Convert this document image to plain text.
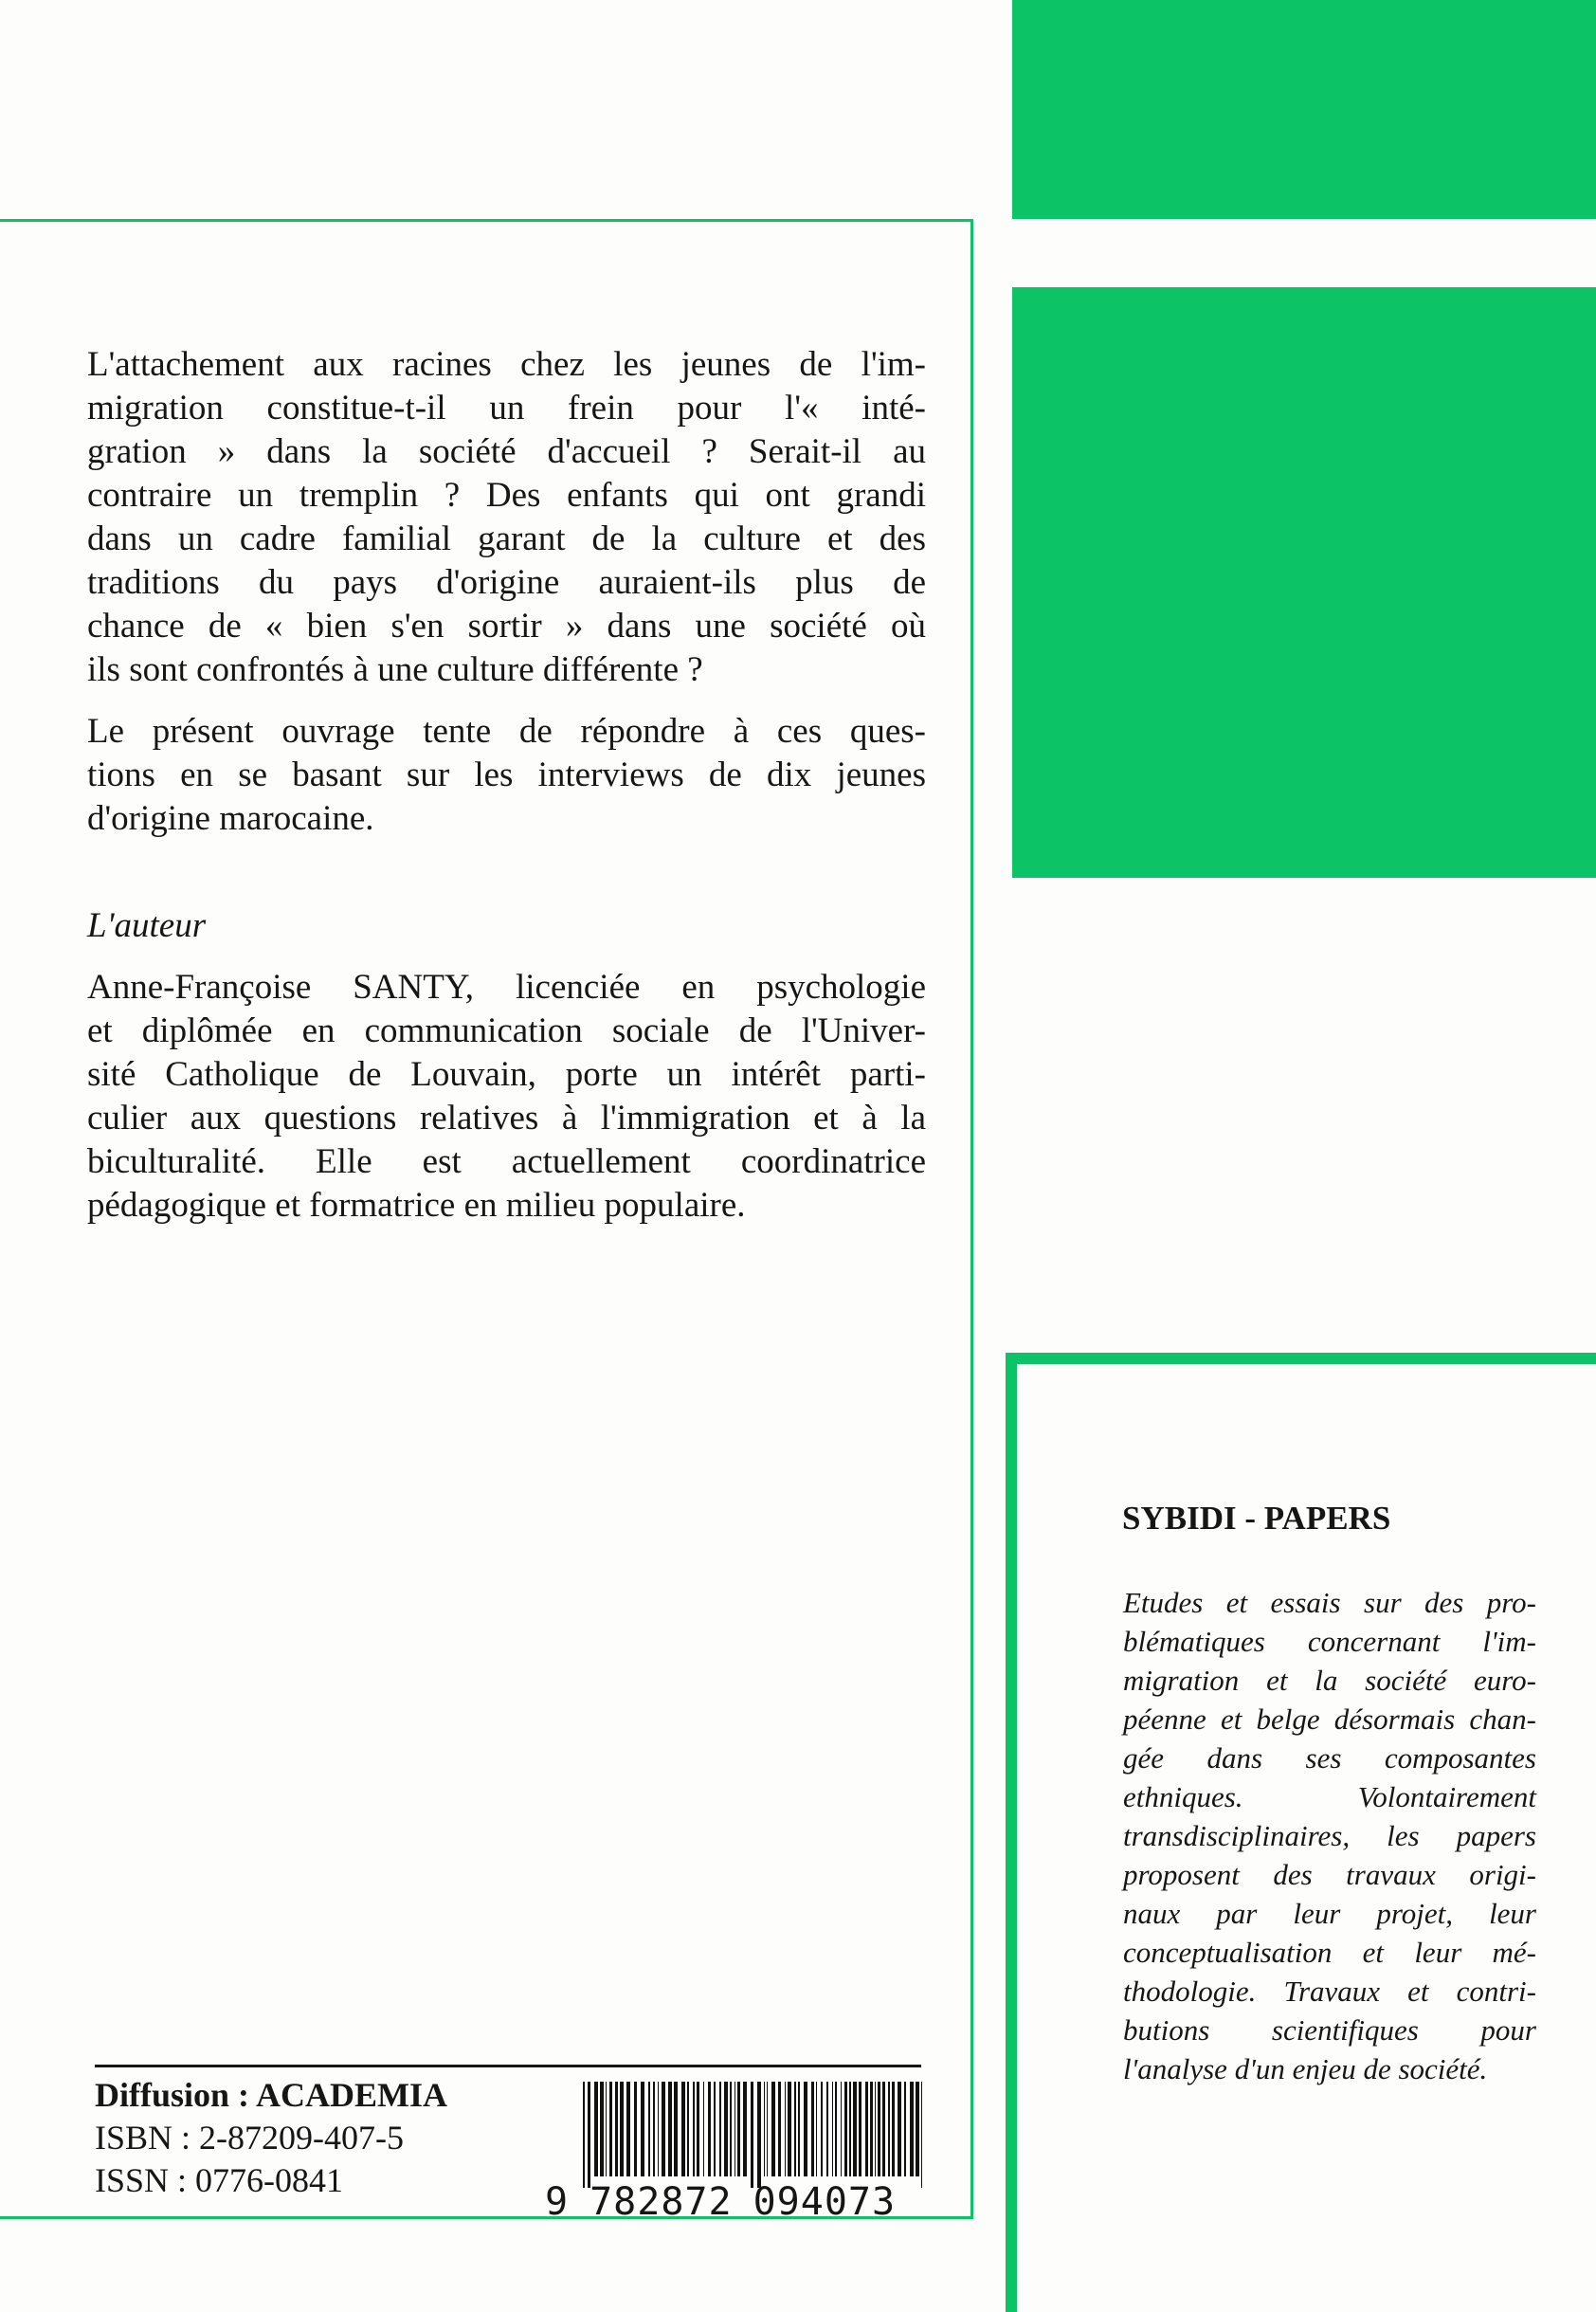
L'attachement aux racines chez les jeunes de l'im-
migration constitue-t-il un frein pour l'« inté-
gration » dans la société d'accueil ? Serait-il au
contraire un tremplin ? Des enfants qui ont grandi
dans un cadre familial garant de la culture et des
traditions du pays d'origine auraient-ils plus de
chance de « bien s'en sortir » dans une société où
ils sont confrontés à une culture différente ?
Le présent ouvrage tente de répondre à ces ques-
tions en se basant sur les interviews de dix jeunes
d'origine marocaine.
L'auteur
Anne-Françoise SANTY, licenciée en psychologie
et diplômée en communication sociale de l'Univer-
sité Catholique de Louvain, porte un intérêt parti-
culier aux questions relatives à l'immigration et à la
biculturalité. Elle est actuellement coordinatrice
pédagogique et formatrice en milieu populaire.
Diffusion : ACADEMIA
ISBN : 2-87209-407-5
ISSN : 0776-0841	9 782872 094073
SYBIDI - PAPERS
Etudes et essais sur des pro-
blématiques concernant l'im-
migration et la société euro-
péenne et belge désormais chan-
gée dans ses composantes
ethniques. Volontairement
transdisciplinaires, les papers
proposent des travaux origi-
naux par leur projet, leur
conceptualisation et leur mé-
thodologie. Travaux et contri-
butions scientifiques pour
l'analyse d'un enjeu de société.
